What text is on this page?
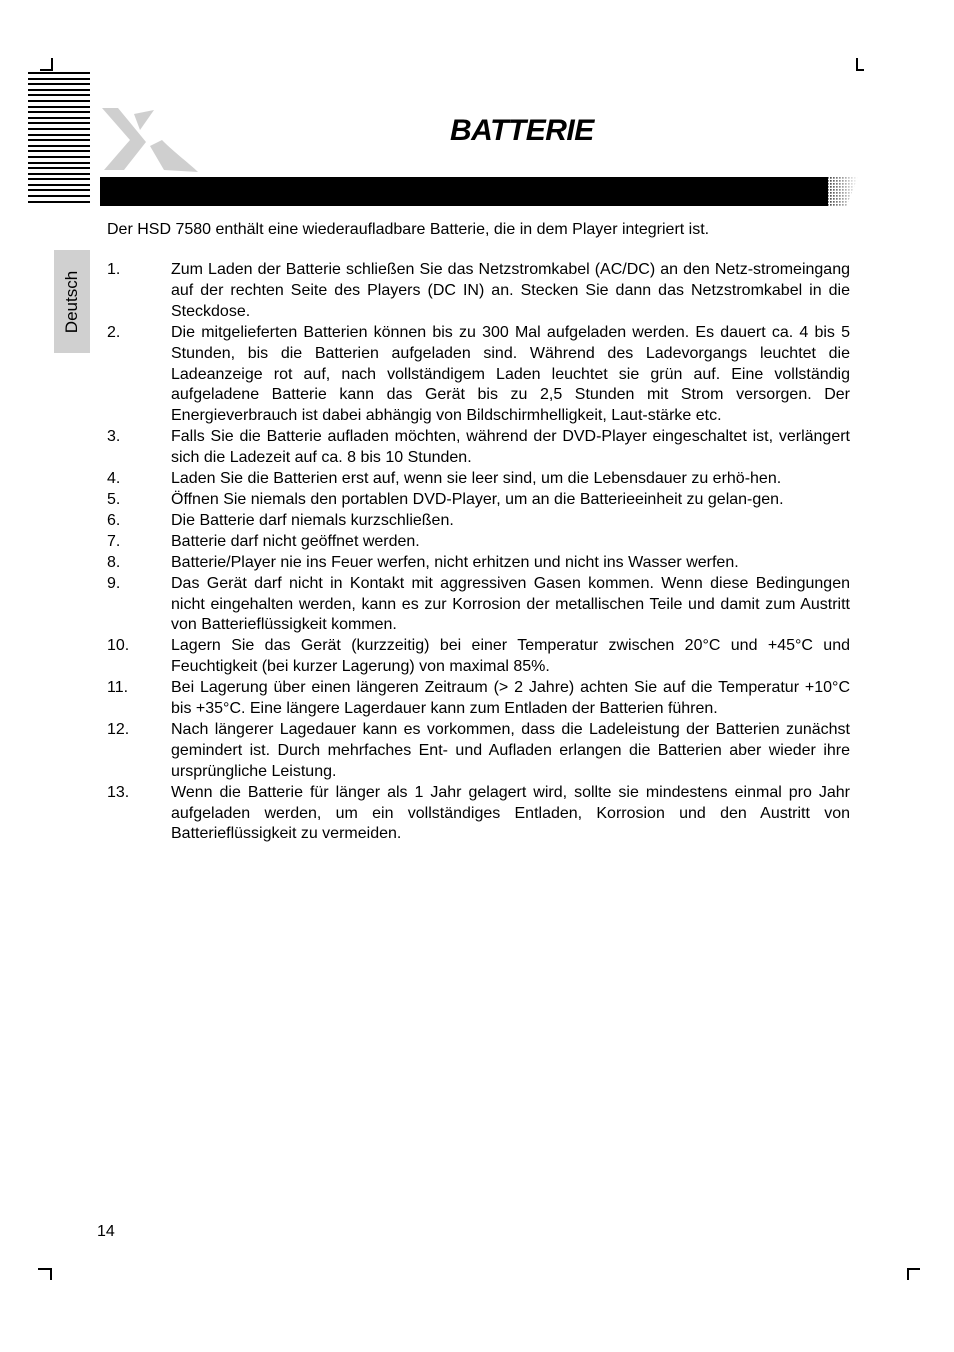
BATTERIE
Deutsch

Der HSD 7580 enthält eine wiederaufladbare Batterie, die in dem Player integriert ist.

1.	Zum Laden der Batterie schließen Sie das Netzstromkabel (AC/DC) an den Netz-stromeingang auf der rechten Seite des Players (DC IN) an. Stecken Sie dann das Netzstromkabel in die Steckdose.
2.	Die mitgelieferten Batterien können bis zu 300 Mal aufgeladen werden. Es dauert ca. 4 bis 5 Stunden, bis die Batterien aufgeladen sind. Während des Ladevorgangs leuchtet die Ladeanzeige rot auf, nach vollständigem Laden leuchtet sie grün auf. Eine vollständig aufgeladene Batterie kann das Gerät bis zu 2,5 Stunden mit Strom versorgen. Der Energieverbrauch ist dabei abhängig von Bildschirmhelligkeit, Laut-stärke etc.
3.	Falls Sie die Batterie aufladen möchten, während der DVD-Player eingeschaltet ist, verlängert sich die Ladezeit auf ca. 8 bis 10 Stunden.
4.	Laden Sie die Batterien erst auf, wenn sie leer sind, um die Lebensdauer zu erhö-hen.
5.	Öffnen Sie niemals den portablen DVD-Player, um an die Batterieeinheit zu gelan-gen.
6.	Die Batterie darf niemals kurzschließen.
7.	Batterie darf nicht geöffnet werden.
8.	Batterie/Player nie ins Feuer werfen, nicht erhitzen und nicht ins Wasser werfen.
9.	Das Gerät darf nicht in Kontakt mit aggressiven Gasen kommen. Wenn diese Bedingungen nicht eingehalten werden, kann es zur Korrosion der metallischen Teile und damit zum Austritt von Batterieflüssigkeit kommen.
10.	Lagern Sie das Gerät (kurzzeitig) bei einer Temperatur zwischen 20°C und +45°C und Feuchtigkeit (bei kurzer Lagerung) von maximal 85%.
11.	Bei Lagerung über einen längeren Zeitraum (> 2 Jahre) achten Sie auf die Temperatur +10°C bis +35°C. Eine längere Lagerdauer kann zum Entladen der Batterien führen.
12.	Nach längerer Lagedauer kann es vorkommen, dass die Ladeleistung der Batterien zunächst gemindert ist. Durch mehrfaches Ent- und Aufladen erlangen die Batterien aber wieder ihre ursprüngliche Leistung.
13.	Wenn die Batterie für länger als 1 Jahr gelagert wird, sollte sie mindestens einmal pro Jahr aufgeladen werden, um ein vollständiges Entladen, Korrosion und den Austritt von Batterieflüssigkeit zu vermeiden.
14
